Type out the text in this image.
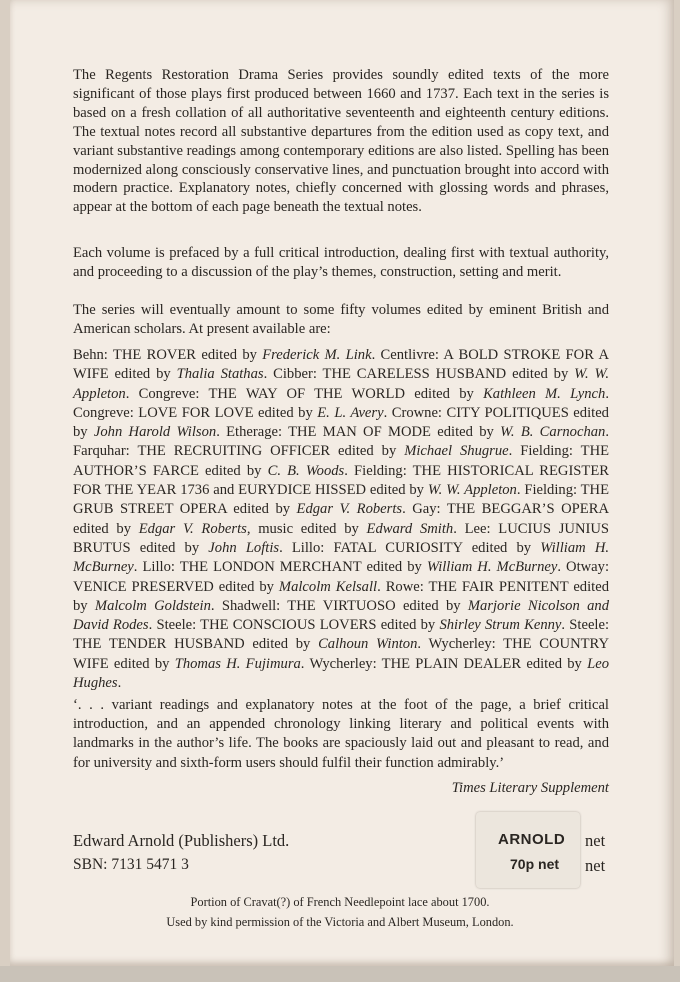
The Regents Restoration Drama Series provides soundly edited texts of the more significant of those plays first produced between 1660 and 1737. Each text in the series is based on a fresh collation of all authoritative seventeenth and eighteenth century editions. The textual notes record all substantive departures from the edition used as copy text, and variant substantive readings among contemporary editions are also listed. Spelling has been modernized along consciously conservative lines, and punctuation brought into accord with modern practice. Explanatory notes, chiefly concerned with glossing words and phrases, appear at the bottom of each page beneath the textual notes.
Each volume is prefaced by a full critical introduction, dealing first with textual authority, and proceeding to a discussion of the play’s themes, construction, setting and merit.
The series will eventually amount to some fifty volumes edited by eminent British and American scholars. At present available are:
Behn: THE ROVER edited by Frederick M. Link. Centlivre: A BOLD STROKE FOR A WIFE edited by Thalia Stathas. Cibber: THE CARELESS HUSBAND edited by W. W. Appleton. Congreve: THE WAY OF THE WORLD edited by Kathleen M. Lynch. Congreve: LOVE FOR LOVE edited by E. L. Avery. Crowne: CITY POLITIQUES edited by John Harold Wilson. Etherage: THE MAN OF MODE edited by W. B. Carnochan. Farquhar: THE RECRUITING OFFICER edited by Michael Shugrue. Fielding: THE AUTHOR’S FARCE edited by C. B. Woods. Fielding: THE HISTORICAL REGISTER FOR THE YEAR 1736 and EURYDICE HISSED edited by W. W. Appleton. Fielding: THE GRUB STREET OPERA edited by Edgar V. Roberts. Gay: THE BEGGAR’S OPERA edited by Edgar V. Roberts, music edited by Edward Smith. Lee: LUCIUS JUNIUS BRUTUS edited by John Loftis. Lillo: FATAL CURIOSITY edited by William H. McBurney. Lillo: THE LONDON MERCHANT edited by William H. McBurney. Otway: VENICE PRESERVED edited by Malcolm Kelsall. Rowe: THE FAIR PENITENT edited by Malcolm Goldstein. Shadwell: THE VIRTUOSO edited by Marjorie Nicolson and David Rodes. Steele: THE CONSCIOUS LOVERS edited by Shirley Strum Kenny. Steele: THE TENDER HUSBAND edited by Calhoun Winton. Wycherley: THE COUNTRY WIFE edited by Thomas H. Fujimura. Wycherley: THE PLAIN DEALER edited by Leo Hughes.
‘. . . variant readings and explanatory notes at the foot of the page, a brief critical introduction, and an appended chronology linking literary and political events with landmarks in the author’s life. The books are spaciously laid out and pleasant to read, and for university and sixth-form users should fulfil their function admirably.’
Times Literary Supplement
Edward Arnold (Publishers) Ltd.
SBN: 7131 5471 3
ARNOLD
70p net
net
net
Portion of Cravat(?) of French Needlepoint lace about 1700.
Used by kind permission of the Victoria and Albert Museum, London.
